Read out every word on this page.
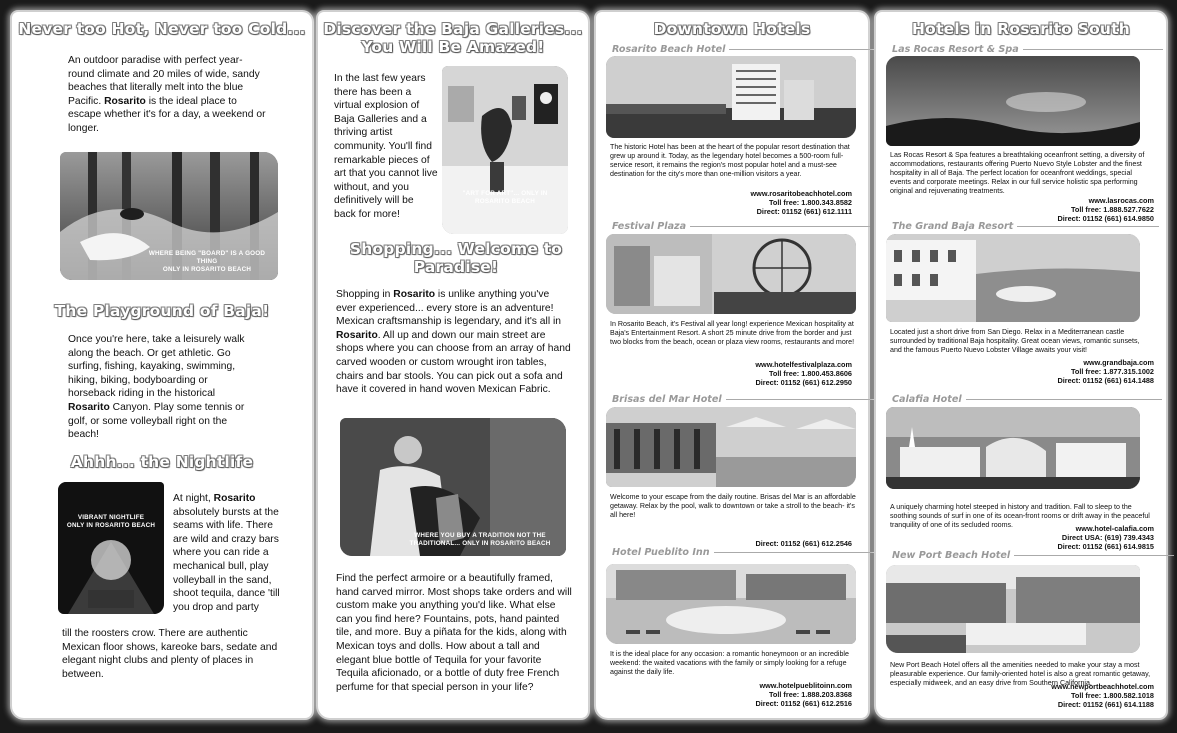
Never too Hot, Never too Cold...
An outdoor paradise with perfect year-round climate and 20 miles of wide, sandy beaches that literally melt into the blue Pacific. Rosarito is the ideal place to escape whether it's for a day, a weekend or longer.
WHERE BEING "BOARD" IS A GOOD THING
ONLY IN ROSARITO BEACH
The Playground of Baja!
Once you're here, take a leisurely walk along the beach. Or get athletic. Go surfing, fishing, kayaking, swimming, hiking, biking, bodyboarding or horseback riding in the historical Rosarito Canyon. Play some tennis or golf, or some volleyball right on the beach!
Ahhh... the Nightlife
VIBRANT NIGHTLIFE
ONLY IN ROSARITO BEACH
At night, Rosarito absolutely bursts at the seams with life. There are wild and crazy bars where you can ride a mechanical bull, play volleyball in the sand, shoot tequila, dance 'till you drop and party
till the roosters crow. There are authentic Mexican floor shows, kareoke bars, sedate and elegant night clubs and plenty of places in between.
Discover the Baja Galleries... You Will Be Amazed!
In the last few years there has been a virtual explosion of Baja Galleries and a thriving artist community. You'll find remarkable pieces of art that you cannot live without, and you definitively will be back for more!
"ART FOR ART"... ONLY IN
ROSARITO BEACH
Shopping... Welcome to Paradise!
Shopping in Rosarito is unlike anything you've ever experienced... every store is an adventure! Mexican craftsmanship is legendary, and it's all in Rosarito. All up and down our main street are shops where you can choose from an array of hand carved wooden or custom wrought iron tables, chairs and bar stools. You can pick out a sofa and have it covered in hand woven Mexican Fabric.
WHERE YOU BUY A TRADITION NOT THE
TRADITIONAL... ONLY IN ROSARITO BEACH
Find the perfect armoire or a beautifully framed, hand carved mirror. Most shops take orders and will custom make you anything you'd like. What else can you find here? Fountains, pots, hand painted tile, and more. Buy a piñata for the kids, along with Mexican toys and dolls. How about a tall and elegant blue bottle of Tequila for your favorite Tequila aficionado, or a bottle of duty free French perfume for that special person in your life?
Downtown Hotels
Rosarito Beach Hotel
The historic Hotel has been at the heart of the popular resort destination that grew up around it. Today, as the legendary hotel becomes a 500-room full-service resort, it remains the region's most popular hotel and a must-see destination for the city's more than one-million visitors a year.
www.rosaritobeachhotel.com
Toll free: 1.800.343.8582
Direct: 01152 (661) 612.1111
Festival Plaza
In Rosarito Beach, it's Festival all year long! experience Mexican hospitality at Baja's Entertainment Resort. A short 25 minute drive from the border and just two blocks from the beach, ocean or plaza view rooms, restaurants and more!
www.hotelfestivalplaza.com
Toll free: 1.800.453.8606
Direct: 01152 (661) 612.2950
Brisas del Mar Hotel
Welcome to your escape from the daily routine. Brisas del Mar is an affordable getaway. Relax by the pool, walk to downtown or take a stroll to the beach- it's all here!
Direct: 01152 (661) 612.2546
Hotel Pueblito Inn
It is the ideal place for any occasion: a romantic honeymoon or an incredible weekend: the waited vacations with the family or simply looking for a refuge against the daily life.
www.hotelpueblitoinn.com
Toll free: 1.888.203.8368
Direct: 01152 (661) 612.2516
Hotels in Rosarito South
Las Rocas Resort & Spa
Las Rocas Resort & Spa features a breathtaking oceanfront setting, a diversity of accommodations, restaurants offering Puerto Nuevo Style Lobster and the finest hospitality in all of Baja. The perfect location for oceanfront weddings, special events and corporate meetings. Relax in our full service holistic spa performing original and rejuvenating treatments.
www.lasrocas.com
Toll free: 1.888.527.7622
Direct: 01152 (661) 614.9850
The Grand Baja Resort
Located just a short drive from San Diego. Relax in a Mediterranean castle surrounded by traditional Baja hospitality. Great ocean views, romantic sunsets, and the famous Puerto Nuevo Lobster Village awaits your visit!
www.grandbaja.com
Toll free: 1.877.315.1002
Direct: 01152 (661) 614.1488
Calafia Hotel
A uniquely charming hotel steeped in history and tradition. Fall to sleep to the soothing sounds of surf in one of its ocean-front rooms or drift away in the peaceful tranquility of one of its secluded rooms.	www.hotel-calafia.com
Direct USA: (619) 739.4343
Direct: 01152 (661) 614.9815
New Port Beach Hotel
New Port Beach Hotel offers all the amenities needed to make your stay a most pleasurable experience. Our family-oriented hotel is also a great romantic getaway, especially midweek, and an easy drive from Southern California.
www.newportbeachhotel.com
Toll free: 1.800.582.1018
Direct: 01152 (661) 614.1188
